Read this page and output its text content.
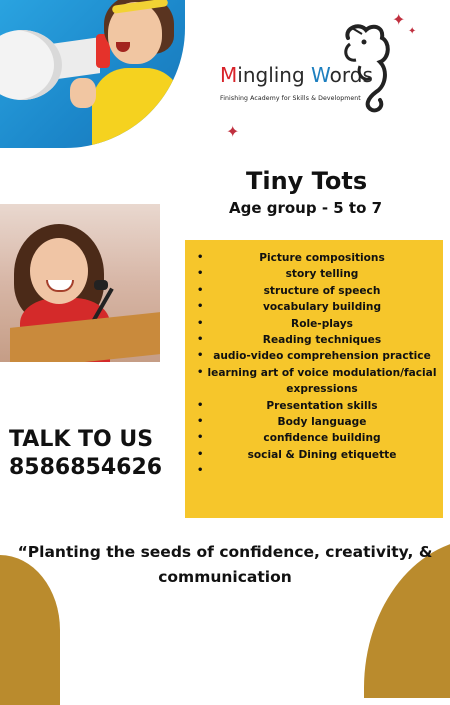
Mingling Words
Finishing Academy for Skills & Development
✦
✦
✦
Tiny Tots
Age group - 5 to 7
•	Picture compositions
•	story telling
•	structure of speech
•	vocabulary building
•	Role-plays
•	Reading techniques
• audio-video comprehension practice
• learning art of voice modulation/facial expressions
•	Presentation skills
•	Body language
•	confidence building
•	social & Dining etiquette
•
TALK TO US
8586854626
“Planting the seeds of confidence, creativity, &
communication
